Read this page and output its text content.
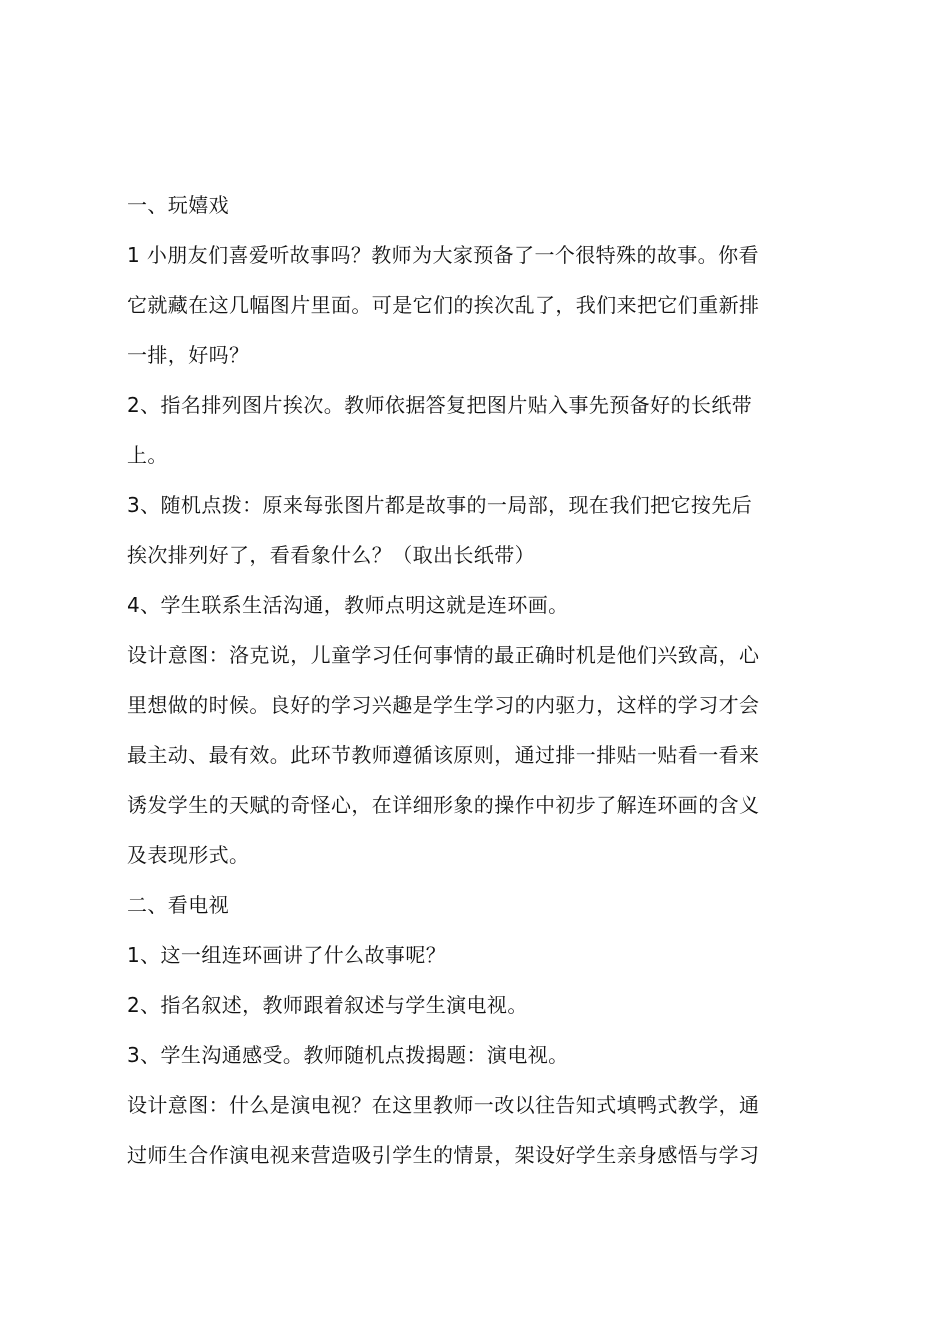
一、玩嬉戏
1 小朋友们喜爱听故事吗？教师为大家预备了一个很特殊的故事。你看
它就藏在这几幅图片里面。可是它们的挨次乱了，我们来把它们重新排
一排，好吗？
2、指名排列图片挨次。教师依据答复把图片贴入事先预备好的长纸带
上。
3、随机点拨：原来每张图片都是故事的一局部，现在我们把它按先后
挨次排列好了，看看象什么？（取出长纸带）
4、学生联系生活沟通，教师点明这就是连环画。
设计意图：洛克说，儿童学习任何事情的最正确时机是他们兴致高，心
里想做的时候。良好的学习兴趣是学生学习的内驱力，这样的学习才会
最主动、最有效。此环节教师遵循该原则，通过排一排贴一贴看一看来
诱发学生的天赋的奇怪心，在详细形象的操作中初步了解连环画的含义
及表现形式。
二、看电视
1、这一组连环画讲了什么故事呢？
2、指名叙述，教师跟着叙述与学生演电视。
3、学生沟通感受。教师随机点拨揭题：演电视。
设计意图：什么是演电视？在这里教师一改以往告知式填鸭式教学，通
过师生合作演电视来营造吸引学生的情景，架设好学生亲身感悟与学习
